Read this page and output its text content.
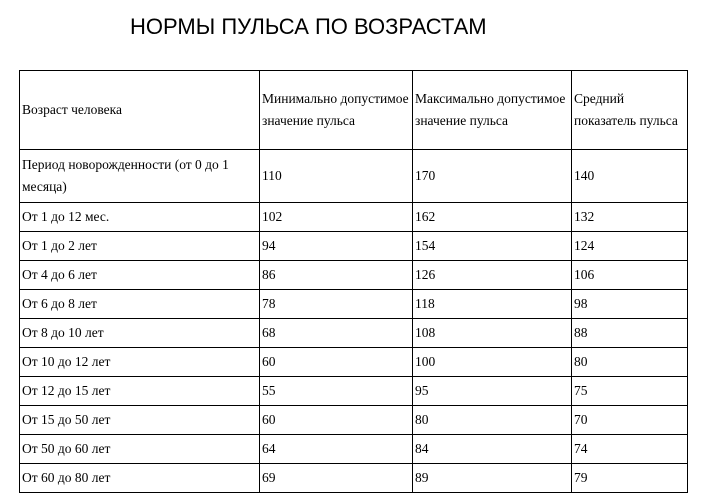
НОРМЫ ПУЛЬСА ПО ВОЗРАСТАМ
Возраст человека	Минимально допустимое значение пульса	Максимально допустимое значение пульса	Средний показатель пульса
Период новорожденности (от 0 до 1 месяца)	110	170	140
От 1 до 12 мес.	102	162	132
От 1 до 2 лет	94	154	124
От 4 до 6 лет	86	126	106
От 6 до 8 лет	78	118	98
От 8 до 10 лет	68	108	88
От 10 до 12 лет	60	100	80
От 12 до 15 лет	55	95	75
От 15 до 50 лет	60	80	70
От 50 до 60 лет	64	84	74
От 60 до 80 лет	69	89	79
